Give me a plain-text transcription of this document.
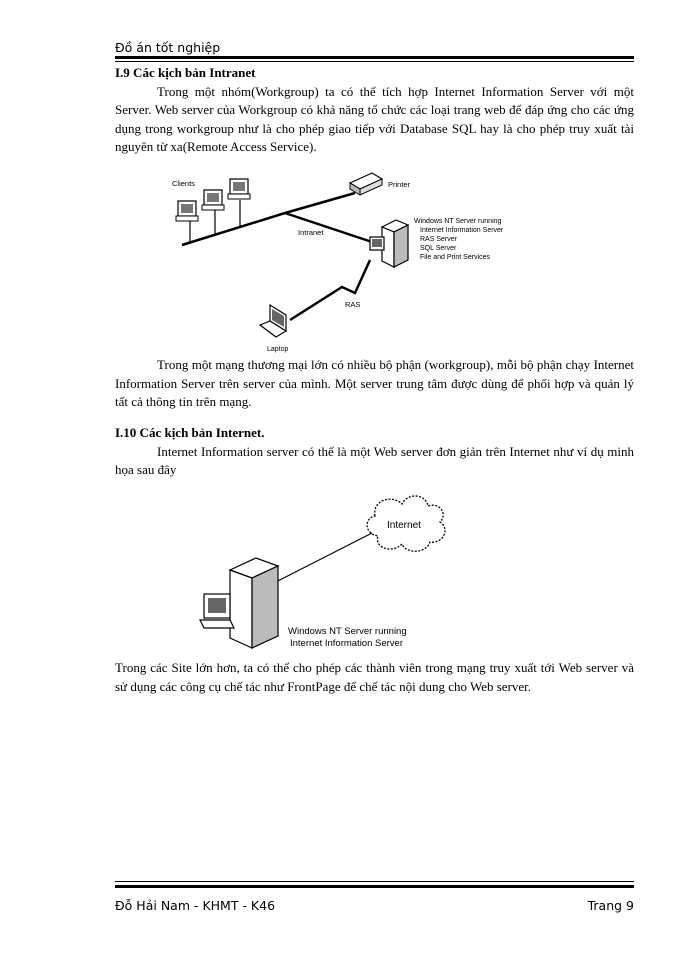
Đồ án tốt nghiệp
I.9 Các kịch bản Intranet

Trong một nhóm(Workgroup) ta có thể tích hợp Internet Information Server với một Server. Web server của Workgroup có khả năng tổ chức các loại trang web để đáp ứng cho các ứng dụng trong workgroup như là cho phép giao tiếp với Database SQL hay là cho phép truy xuất tài nguyên từ xa(Remote Access Service).

Clients	Printer
Intranet
Windows NT Server running
Internet Information Server
RAS Server
SQL Server
File and Print Services
RAS
Laptop

Trong một mạng thương mại lớn có nhiều bộ phận (workgroup), mỗi bộ phận chạy Internet Information Server trên server của mình. Một server trung tâm được dùng để phối hợp và quản lý tất cả thông tin trên mạng.

I.10 Các kịch bản Internet.

Internet Information server có thể là một Web server đơn giản trên Internet như ví dụ minh họa sau đây

Internet
Windows NT Server running
Internet Information Server

Trong các Site lớn hơn, ta có thể cho phép các thành viên trong mạng truy xuất tới Web server và sử dụng các công cụ chế tác như FrontPage để chế tác nội dung cho Web server.

Đỗ Hải Nam - KHMT - K46	Trang 9
